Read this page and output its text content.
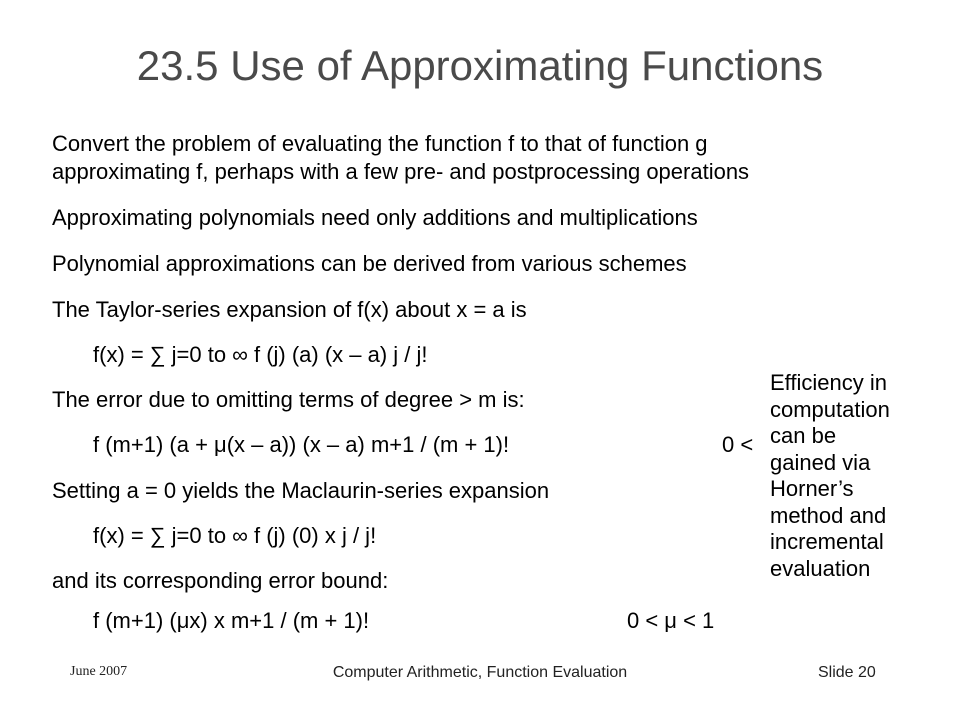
23.5 Use of Approximating Functions
Convert the problem of evaluating the function f to that of function g
approximating f, perhaps with a few pre- and postprocessing operations
Approximating polynomials need only additions and multiplications
Polynomial approximations can be derived from various schemes
The Taylor-series expansion of f(x) about x = a is
f(x) = ∑ j=0 to ∞ f (j) (a) (x – a) j / j!
The error due to omitting terms of degree > m is:
f (m+1) (a + μ(x – a)) (x – a) m+1 / (m + 1)!	0 <
Setting a = 0 yields the Maclaurin-series expansion
f(x) = ∑ j=0 to ∞ f (j) (0) x j / j!
and its corresponding error bound:
f (m+1) (μx) x m+1 / (m + 1)!	0 < μ < 1
Efficiency in
computation
can be
gained via
Horner’s
method and
incremental
evaluation
June 2007	Computer Arithmetic, Function Evaluation	Slide 20
